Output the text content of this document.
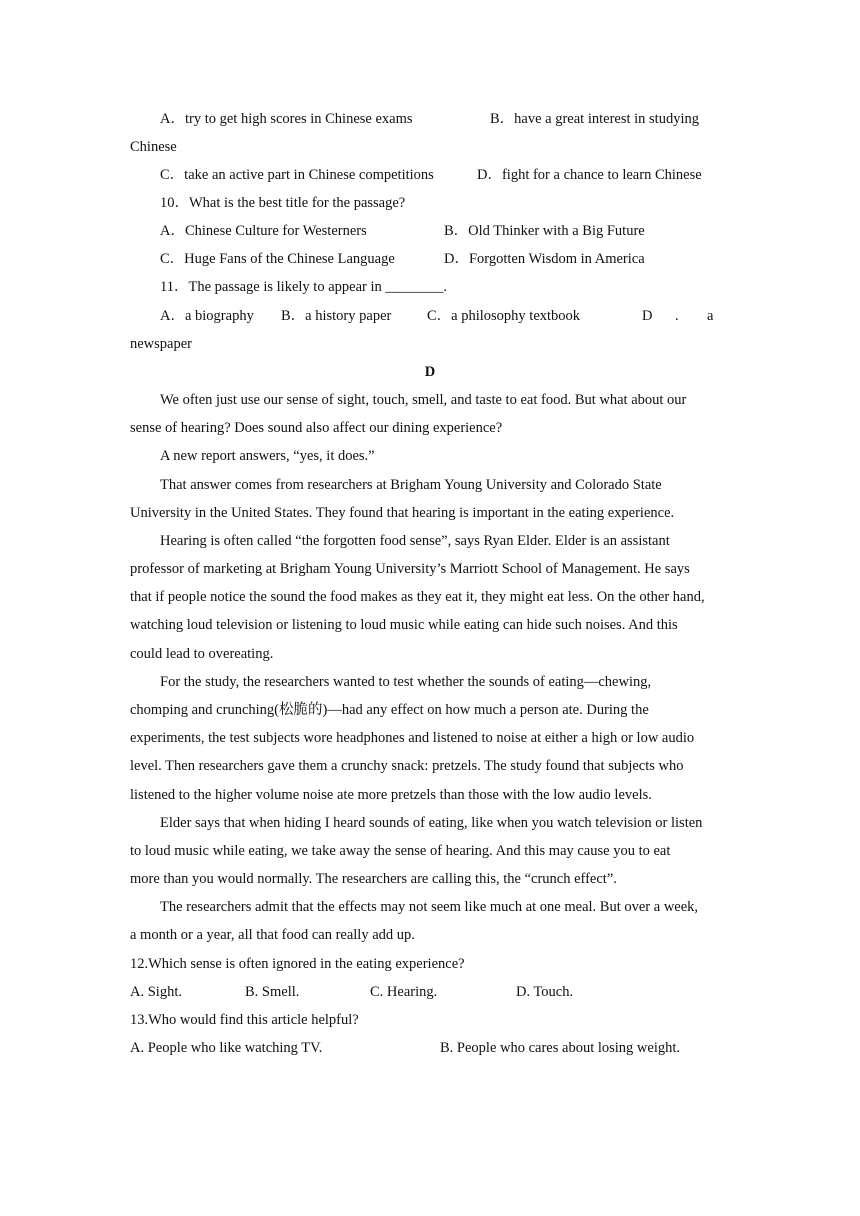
A．try to get high scores in Chinese exams	B．have a great interest in studying
Chinese
C．take an active part in Chinese competitions	D．fight for a chance to learn Chinese
10．What is the best title for the passage?
A．Chinese Culture for Westerners	B．Old Thinker with a Big Future
C．Huge Fans of the Chinese Language	D．Forgotten Wisdom in America
11．The passage is likely to appear in ________.
A．a biography B．a history paper C．a philosophy textbook	D . a
newspaper
D
We often just use our sense of sight, touch, smell, and taste to eat food. But what about our
sense of hearing? Does sound also affect our dining experience?
A new report answers, “yes, it does.”
That answer comes from researchers at Brigham Young University and Colorado State
University in the United States. They found that hearing is important in the eating experience.
Hearing is often called “the forgotten food sense”, says Ryan Elder. Elder is an assistant
professor of marketing at Brigham Young University’s Marriott School of Management. He says
that if people notice the sound the food makes as they eat it, they might eat less. On the other hand,
watching loud television or listening to loud music while eating can hide such noises. And this
could lead to overeating.
For the study, the researchers wanted to test whether the sounds of eating—chewing,
chomping and crunching(松脆的)—had any effect on how much a person ate. During the
experiments, the test subjects wore headphones and listened to noise at either a high or low audio
level. Then researchers gave them a crunchy snack: pretzels. The study found that subjects who
listened to the higher volume noise ate more pretzels than those with the low audio levels.
Elder says that when hiding I heard sounds of eating, like when you watch television or listen
to loud music while eating, we take away the sense of hearing. And this may cause you to eat
more than you would normally. The researchers are calling this, the “crunch effect”.
The researchers admit that the effects may not seem like much at one meal. But over a week,
a month or a year, all that food can really add up.
12.Which sense is often ignored in the eating experience?
A. Sight.	B. Smell.	C. Hearing.	D. Touch.
13.Who would find this article helpful?
A. People who like watching TV.	B. People who cares about losing weight.
